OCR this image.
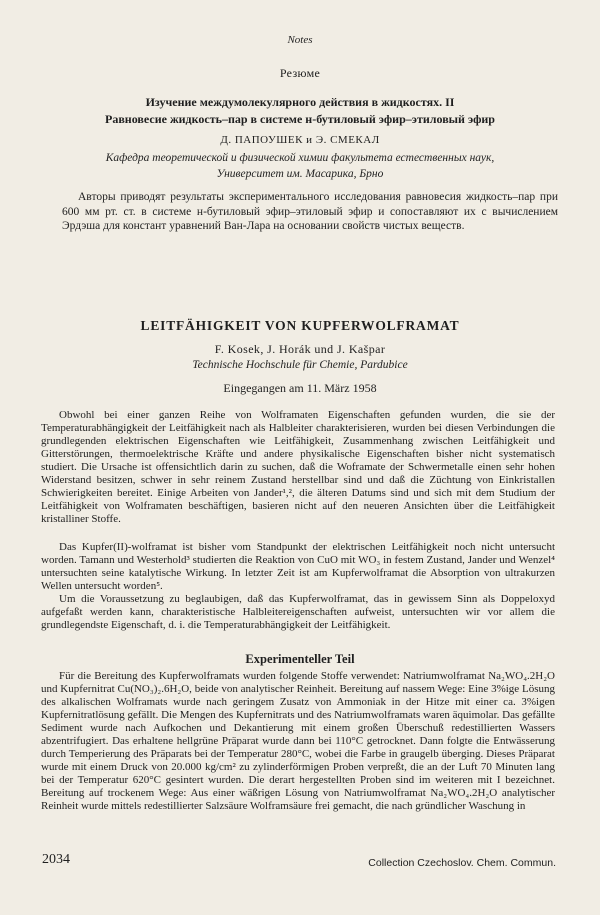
Notes
Резюме
Изучение междумолекулярного действия в жидкостях. II
Равновесие жидкость–пар в системе н-бутиловый эфир–этиловый эфир
Д. ПАПОУШЕК и Э. СМЕКАЛ
Кафедра теоретической и физической химии факультета естественных наук,
Университет им. Масарика, Брно

Авторы приводят результаты экспериментального исследования равновесия жидкость–пар при 600 мм рт. ст. в системе н-бутиловый эфир–этиловый эфир и сопоставляют их с вычислением Эрдэша для констант уравнений Ван-Лара на основании свойств чистых веществ.

LEITFÄHIGKEIT VON KUPFERWOLFRAMAT
F. Kosek, J. Horák und J. Kašpar
Technische Hochschule für Chemie, Pardubice
Eingegangen am 11. März 1958

Obwohl bei einer ganzen Reihe von Wolframaten Eigenschaften gefunden wurden, die sie der Temperaturabhängigkeit der Leitfähigkeit nach als Halbleiter charakterisieren, wurden bei diesen Verbindungen die grundlegenden elektrischen Eigenschaften wie Leitfähigkeit, Zusammenhang zwischen Leitfähigkeit und Gitterstörungen, thermoelektrische Kräfte und andere physikalische Eigenschaften bisher nicht systematisch studiert. Die Ursache ist offensichtlich darin zu suchen, daß die Woframate der Schwermetalle einen sehr hohen Widerstand besitzen, schwer in sehr reinem Zustand herstellbar sind und daß die Züchtung von Einkristallen Schwierigkeiten bereitet. Einige Arbeiten von Jander¹,², die älteren Datums sind und sich mit dem Studium der Leitfähigkeit von Wolframaten beschäftigen, basieren nicht auf den neueren Ansichten über die Leitfähigkeit kristalliner Stoffe.

Das Kupfer(II)-wolframat ist bisher vom Standpunkt der elektrischen Leitfähigkeit noch nicht untersucht worden. Tamann und Westerhold³ studierten die Reaktion von CuO mit WO₃ in festem Zustand, Jander und Wenzel⁴ untersuchten seine katalytische Wirkung. In letzter Zeit ist am Kupferwolframat die Absorption von ultrakurzen Wellen untersucht worden⁵.

Um die Voraussetzung zu beglaubigen, daß das Kupferwolframat, das in gewissem Sinn als Doppeloxyd aufgefaßt werden kann, charakteristische Halbleitereigenschaften aufweist, untersuchten wir vor allem die grundlegendste Eigenschaft, d. i. die Temperaturabhängigkeit der Leitfähigkeit.

Experimenteller Teil

Für die Bereitung des Kupferwolframats wurden folgende Stoffe verwendet: Natriumwolframat Na₂WO₄.2H₂O und Kupfernitrat Cu(NO₃)₂.6H₂O, beide von analytischer Reinheit. Bereitung auf nassem Wege: Eine 3%ige Lösung des alkalischen Wolframats wurde nach geringem Zusatz von Ammoniak in der Hitze mit einer ca. 3%igen Kupfernitratlösung gefällt. Die Mengen des Kupfernitrats und des Natriumwolframats waren äquimolar. Das gefällte Sediment wurde nach Aufkochen und Dekantierung mit einem großen Überschuß redestillierten Wassers abzentrifugiert. Das erhaltene hellgrüne Präparat wurde dann bei 110°C getrocknet. Dann folgte die Entwässerung durch Temperierung des Präparats bei der Temperatur 280°C, wobei die Farbe in graugelb überging. Dieses Präparat wurde mit einem Druck von 20.000 kg/cm² zu zylinderförmigen Proben verpreßt, die an der Luft 70 Minuten lang bei der Temperatur 620°C gesintert wurden. Die derart hergestellten Proben sind im weiteren mit I bezeichnet. Bereitung auf trockenem Wege: Aus einer wäßrigen Lösung von Natriumwolframat Na₂WO₄.2H₂O analytischer Reinheit wurde mittels redestillierter Salzsäure Wolframsäure frei gemacht, die nach gründlicher Waschung in

2034	Collection Czechoslov. Chem. Commun.
